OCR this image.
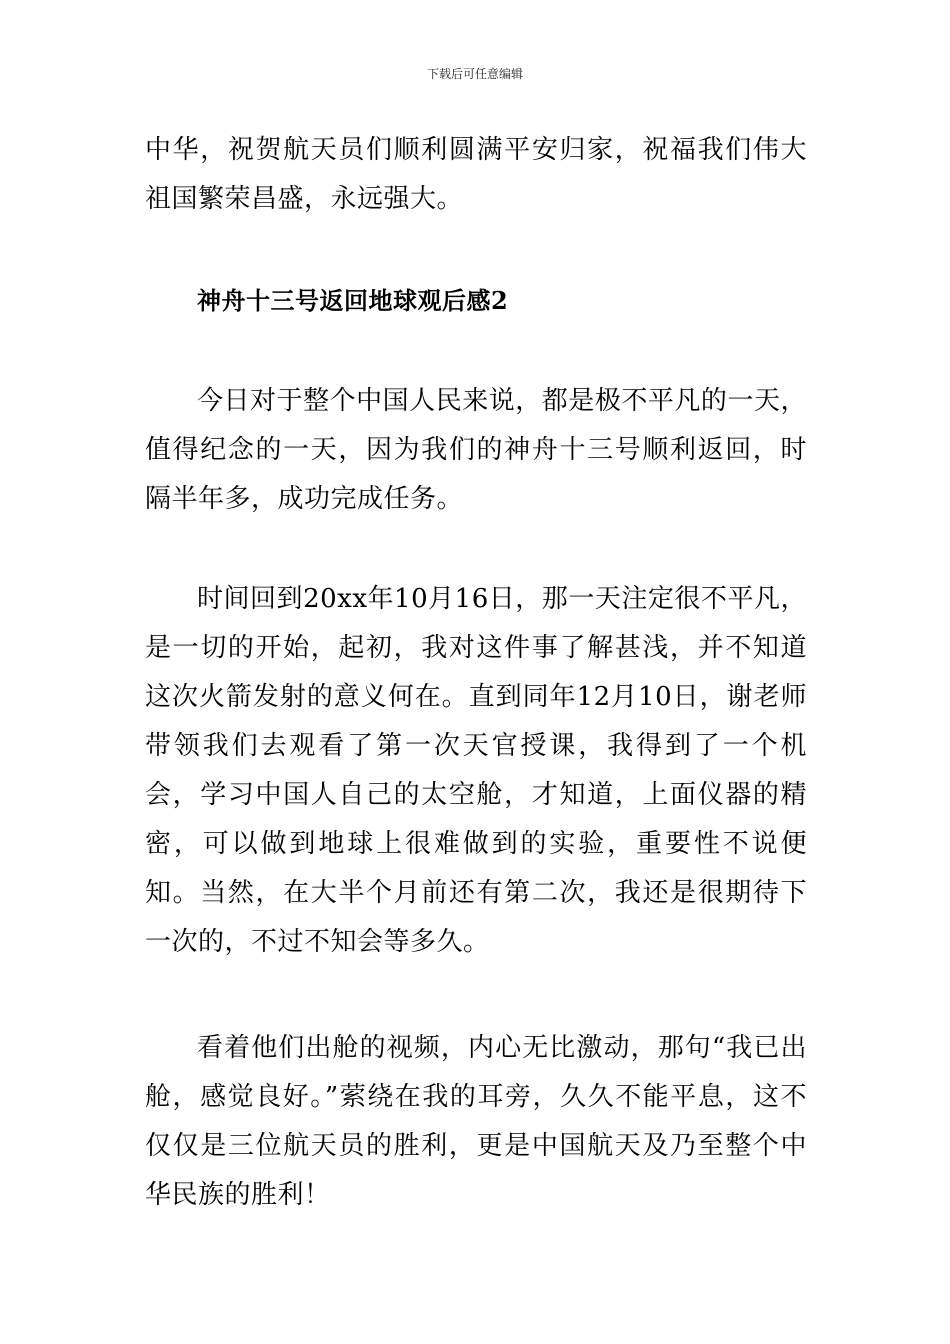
下载后可任意编辑

中华，祝贺航天员们顺利圆满平安归家，祝福我们伟大祖国繁荣昌盛，永远强大。

神舟十三号返回地球观后感2

今日对于整个中国人民来说，都是极不平凡的一天，值得纪念的一天，因为我们的神舟十三号顺利返回，时隔半年多，成功完成任务。

时间回到20xx年10月16日，那一天注定很不平凡，是一切的开始，起初，我对这件事了解甚浅，并不知道这次火箭发射的意义何在。直到同年12月10日，谢老师带领我们去观看了第一次天官授课，我得到了一个机会，学习中国人自己的太空舱，才知道，上面仪器的精密，可以做到地球上很难做到的实验，重要性不说便知。当然，在大半个月前还有第二次，我还是很期待下一次的，不过不知会等多久。

看着他们出舱的视频，内心无比激动，那句“我已出舱，感觉良好。”萦绕在我的耳旁，久久不能平息，这不仅仅是三位航天员的胜利，更是中国航天及乃至整个中华民族的胜利！
